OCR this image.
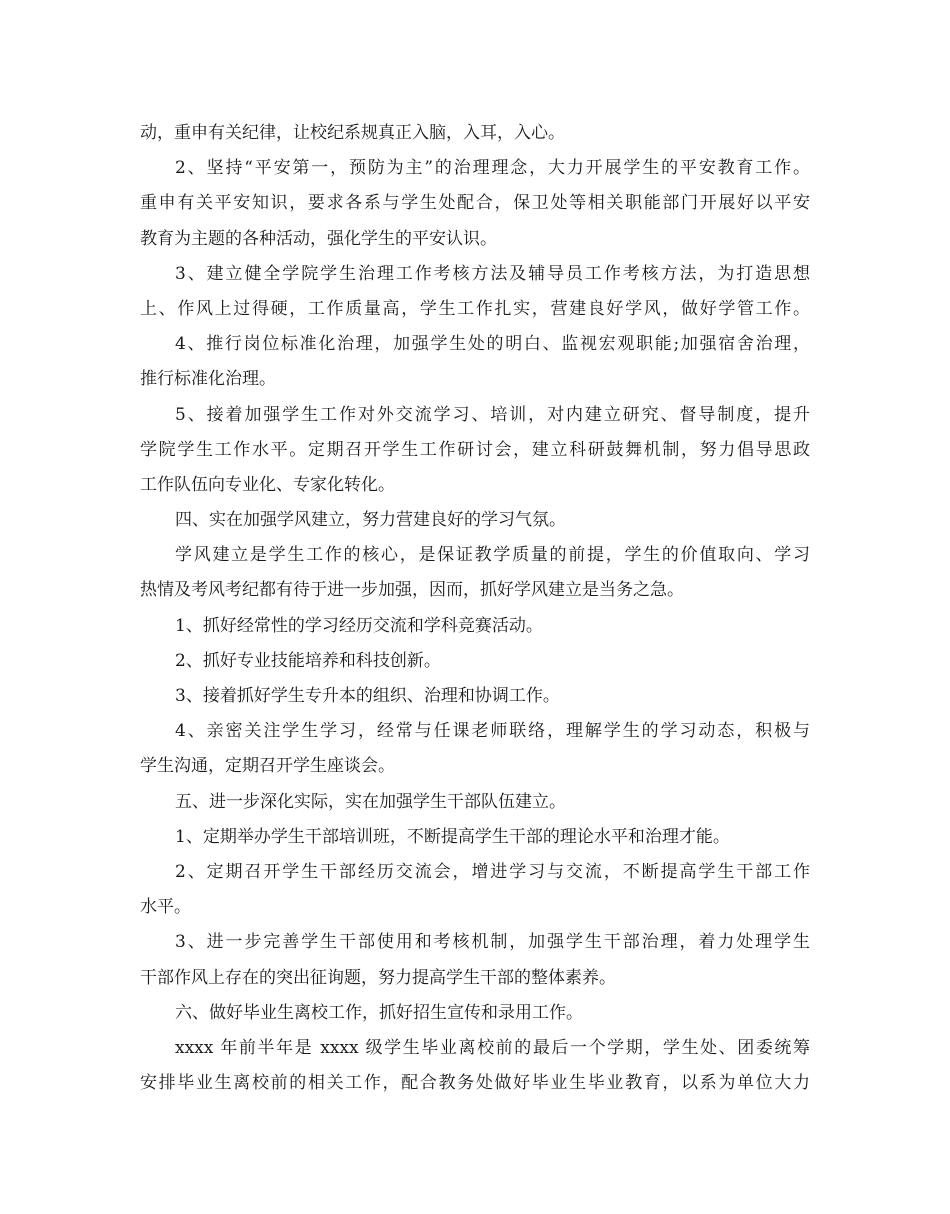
动，重申有关纪律，让校纪系规真正入脑，入耳，入心。
2、坚持“平安第一，预防为主”的治理理念，大力开展学生的平安教育工作。
重申有关平安知识，要求各系与学生处配合，保卫处等相关职能部门开展好以平安
教育为主题的各种活动，强化学生的平安认识。
3、建立健全学院学生治理工作考核方法及辅导员工作考核方法，为打造思想
上、作风上过得硬，工作质量高，学生工作扎实，营建良好学风，做好学管工作。
4、推行岗位标准化治理，加强学生处的明白、监视宏观职能;加强宿舍治理，
推行标准化治理。
5、接着加强学生工作对外交流学习、培训，对内建立研究、督导制度，提升
学院学生工作水平。定期召开学生工作研讨会，建立科研鼓舞机制，努力倡导思政
工作队伍向专业化、专家化转化。
四、实在加强学风建立，努力营建良好的学习气氛。
学风建立是学生工作的核心，是保证教学质量的前提，学生的价值取向、学习
热情及考风考纪都有待于进一步加强，因而，抓好学风建立是当务之急。
1、抓好经常性的学习经历交流和学科竞赛活动。
2、抓好专业技能培养和科技创新。
3、接着抓好学生专升本的组织、治理和协调工作。
4、亲密关注学生学习，经常与任课老师联络，理解学生的学习动态，积极与
学生沟通，定期召开学生座谈会。
五、进一步深化实际，实在加强学生干部队伍建立。
1、定期举办学生干部培训班，不断提高学生干部的理论水平和治理才能。
2、定期召开学生干部经历交流会，增进学习与交流，不断提高学生干部工作
水平。
3、进一步完善学生干部使用和考核机制，加强学生干部治理，着力处理学生
干部作风上存在的突出征询题，努力提高学生干部的整体素养。
六、做好毕业生离校工作，抓好招生宣传和录用工作。
xxxx 年前半年是 xxxx 级学生毕业离校前的最后一个学期，学生处、团委统筹
安排毕业生离校前的相关工作，配合教务处做好毕业生毕业教育，以系为单位大力
